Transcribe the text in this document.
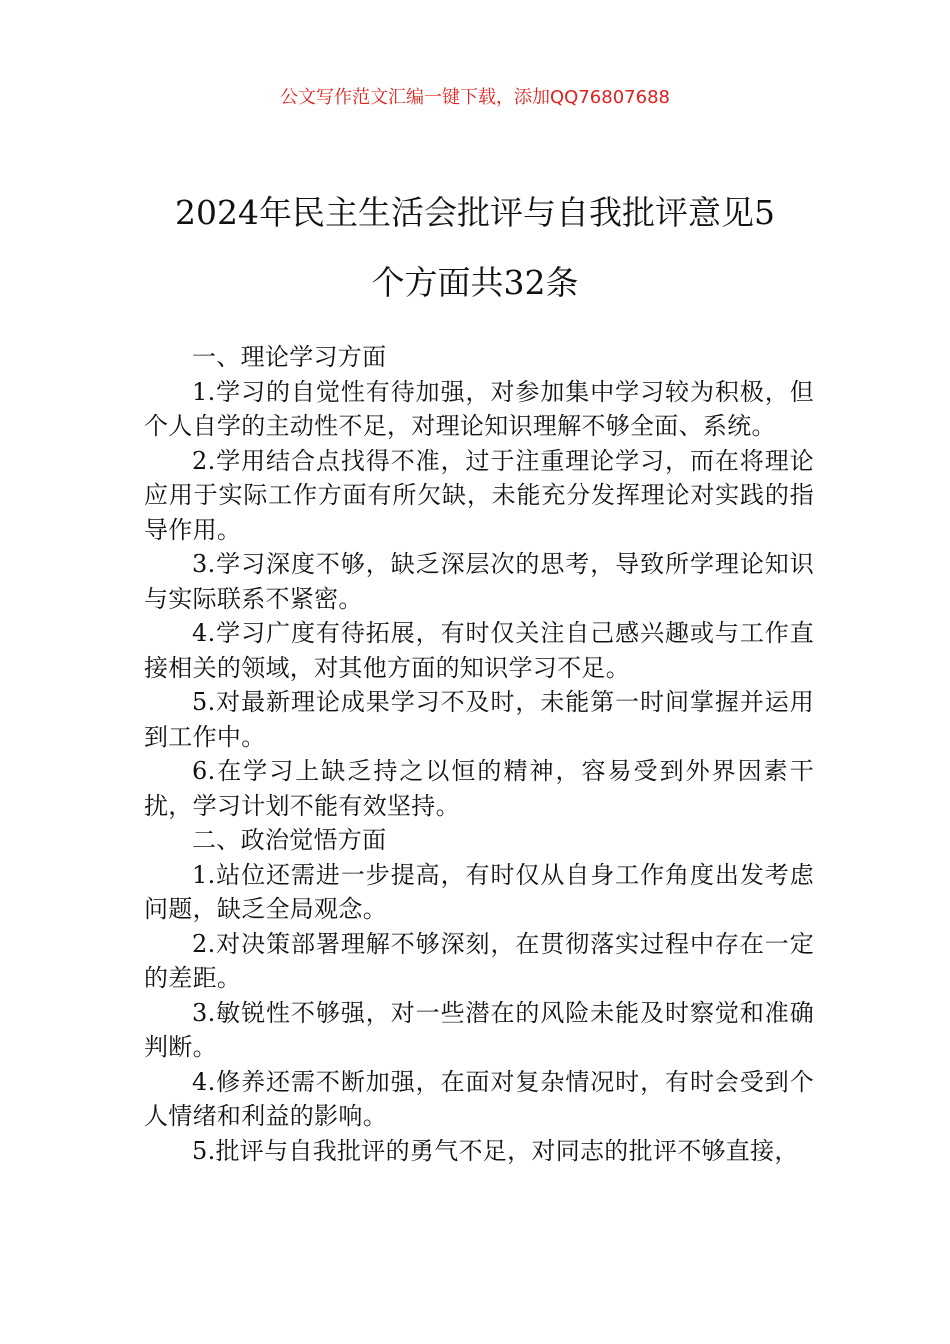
公文写作范文汇编一键下载，添加QQ76807688
2024年民主生活会批评与自我批评意见5
个方面共32条

一、理论学习方面

1.学习的自觉性有待加强，对参加集中学习较为积极，但个人自学的主动性不足，对理论知识理解不够全面、系统。

2.学用结合点找得不准，过于注重理论学习，而在将理论应用于实际工作方面有所欠缺，未能充分发挥理论对实践的指导作用。

3.学习深度不够，缺乏深层次的思考，导致所学理论知识与实际联系不紧密。

4.学习广度有待拓展，有时仅关注自己感兴趣或与工作直接相关的领域，对其他方面的知识学习不足。

5.对最新理论成果学习不及时，未能第一时间掌握并运用到工作中。

6.在学习上缺乏持之以恒的精神，容易受到外界因素干扰，学习计划不能有效坚持。

二、政治觉悟方面

1.站位还需进一步提高，有时仅从自身工作角度出发考虑问题，缺乏全局观念。

2.对决策部署理解不够深刻，在贯彻落实过程中存在一定的差距。

3.敏锐性不够强，对一些潜在的风险未能及时察觉和准确判断。

4.修养还需不断加强，在面对复杂情况时，有时会受到个人情绪和利益的影响。

5.批评与自我批评的勇气不足，对同志的批评不够直接，
